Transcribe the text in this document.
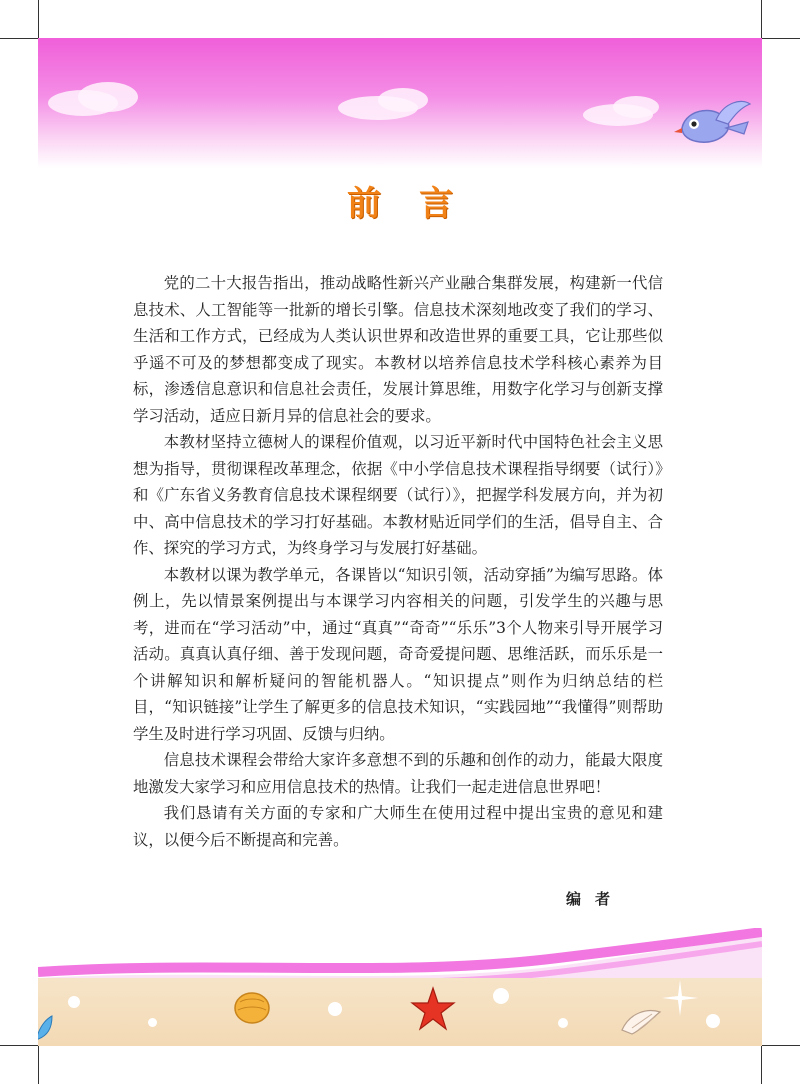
前言

党的二十大报告指出，推动战略性新兴产业融合集群发展，构建新一代信息技术、人工智能等一批新的增长引擎。信息技术深刻地改变了我们的学习、生活和工作方式，已经成为人类认识世界和改造世界的重要工具，它让那些似乎遥不可及的梦想都变成了现实。本教材以培养信息技术学科核心素养为目标，渗透信息意识和信息社会责任，发展计算思维，用数字化学习与创新支撑学习活动，适应日新月异的信息社会的要求。

本教材坚持立德树人的课程价值观，以习近平新时代中国特色社会主义思想为指导，贯彻课程改革理念，依据《中小学信息技术课程指导纲要（试行）》和《广东省义务教育信息技术课程纲要（试行）》，把握学科发展方向，并为初中、高中信息技术的学习打好基础。本教材贴近同学们的生活，倡导自主、合作、探究的学习方式，为终身学习与发展打好基础。

本教材以课为教学单元，各课皆以“知识引领，活动穿插”为编写思路。体例上，先以情景案例提出与本课学习内容相关的问题，引发学生的兴趣与思考，进而在“学习活动”中，通过“真真”“奇奇”“乐乐”3个人物来引导开展学习活动。真真认真仔细、善于发现问题，奇奇爱提问题、思维活跃，而乐乐是一个讲解知识和解析疑问的智能机器人。“知识提点”则作为归纳总结的栏目，“知识链接”让学生了解更多的信息技术知识，“实践园地”“我懂得”则帮助学生及时进行学习巩固、反馈与归纳。

信息技术课程会带给大家许多意想不到的乐趣和创作的动力，能最大限度地激发大家学习和应用信息技术的热情。让我们一起走进信息世界吧！

我们恳请有关方面的专家和广大师生在使用过程中提出宝贵的意见和建议，以便今后不断提高和完善。

编者
